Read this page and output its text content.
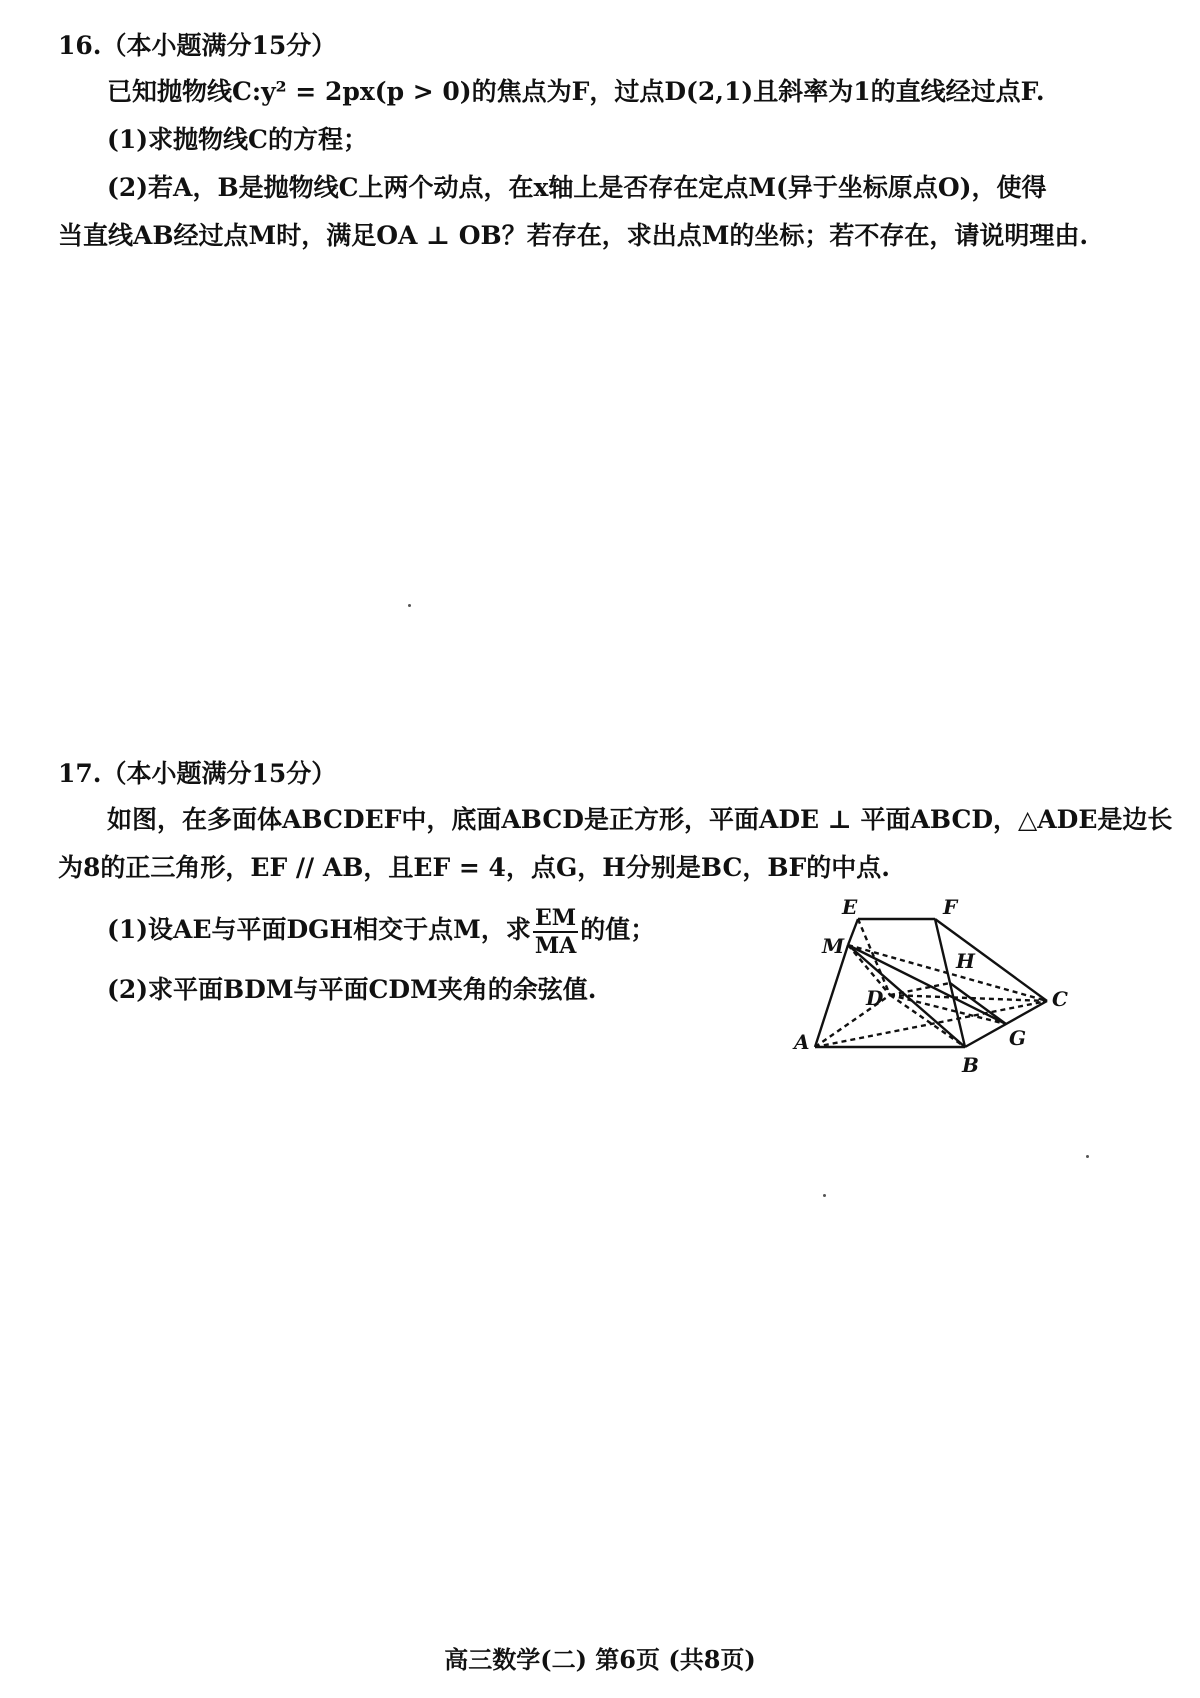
16.（本小题满分15分）
已知抛物线C:y² = 2px(p > 0)的焦点为F，过点D(2,1)且斜率为1的直线经过点F.
(1)求抛物线C的方程；
(2)若A，B是抛物线C上两个动点，在x轴上是否存在定点M(异于坐标原点O)，使得
当直线AB经过点M时，满足OA ⊥ OB？若存在，求出点M的坐标；若不存在，请说明理由.
17.（本小题满分15分）
如图，在多面体ABCDEF中，底面ABCD是正方形，平面ADE ⊥ 平面ABCD，△ADE是边长
为8的正三角形，EF // AB，且EF = 4，点G，H分别是BC，BF的中点.
(1)设AE与平面DGH相交于点M，求 $\frac{EM}{MA}$ 的值；
(2)求平面BDM与平面CDM夹角的余弦值.
E	F
M
H
D	C
A
B
G
高三数学(二) 第6页 (共8页)
